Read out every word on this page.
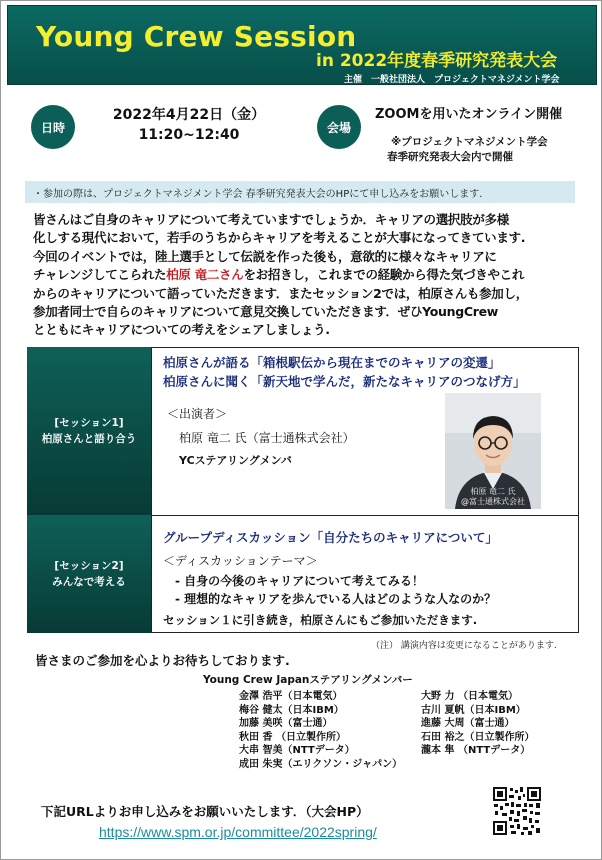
Young Crew Session
in 2022年度春季研究発表大会
主催　一般社団法人　プロジェクトマネジメント学会
日時
2022年4月22日（金）
11:20~12:40	会場
ZOOMを用いたオンライン開催
※プロジェクトマネジメント学会
春季研究発表大会内で開催
・参加の際は、プロジェクトマネジメント学会 春季研究発表大会のHPにて申し込みをお願いします.
皆さんはご自身のキャリアについて考えていますでしょうか．キャリアの選択肢が多様
化しする現代において，若手のうちからキャリアを考えることが大事になってきています.
今回のイベントでは，陸上選手として伝説を作った後も，意欲的に様々なキャリアに
チャレンジしてこられた柏原 竜二さんをお招きし，これまでの経験から得た気づきやこれ
からのキャリアについて語っていただきます．またセッション2では，柏原さんも参加し，
参加者同士で自らのキャリアについて意見交換していただきます．ぜひYoungCrew
とともにキャリアについての考えをシェアしましょう.
[セッション1]
柏原さんと語り合う
柏原さんが語る「箱根駅伝から現在までのキャリアの変遷」
柏原さんに聞く「新天地で学んだ，新たなキャリアのつなげ方」
＜出演者＞
柏原 竜二 氏（富士通株式会社）
YCステアリングメンバ
柏原 竜二 氏
@富士通株式会社
[セッション2]
みんなで考える
グループディスカッション「自分たちのキャリアについて」
＜ディスカッションテーマ＞
- 自身の今後のキャリアについて考えてみる！
- 理想的なキャリアを歩んでいる人はどのような人なのか？
セッション１に引き続き，柏原さんにもご参加いただきます.
（注） 講演内容は変更になることがあります.
皆さまのご参加を心よりお待ちしております.
Young Crew Japanステアリングメンバー
金澤 浩平（日本電気）
梅谷 健太（日本IBM）
加藤 美咲（富士通）
秋田 香 （日立製作所）
大串 智美（NTTデータ）
成田 朱実（エリクソン・ジャパン）
大野 力 （日本電気）
古川 夏帆（日本IBM）
進藤 大周（富士通）
石田 裕之（日立製作所）
瀧本 隼 （NTTデータ）
下記URLよりお申し込みをお願いいたします．（大会HP）
https://www.spm.or.jp/committee/2022spring/
